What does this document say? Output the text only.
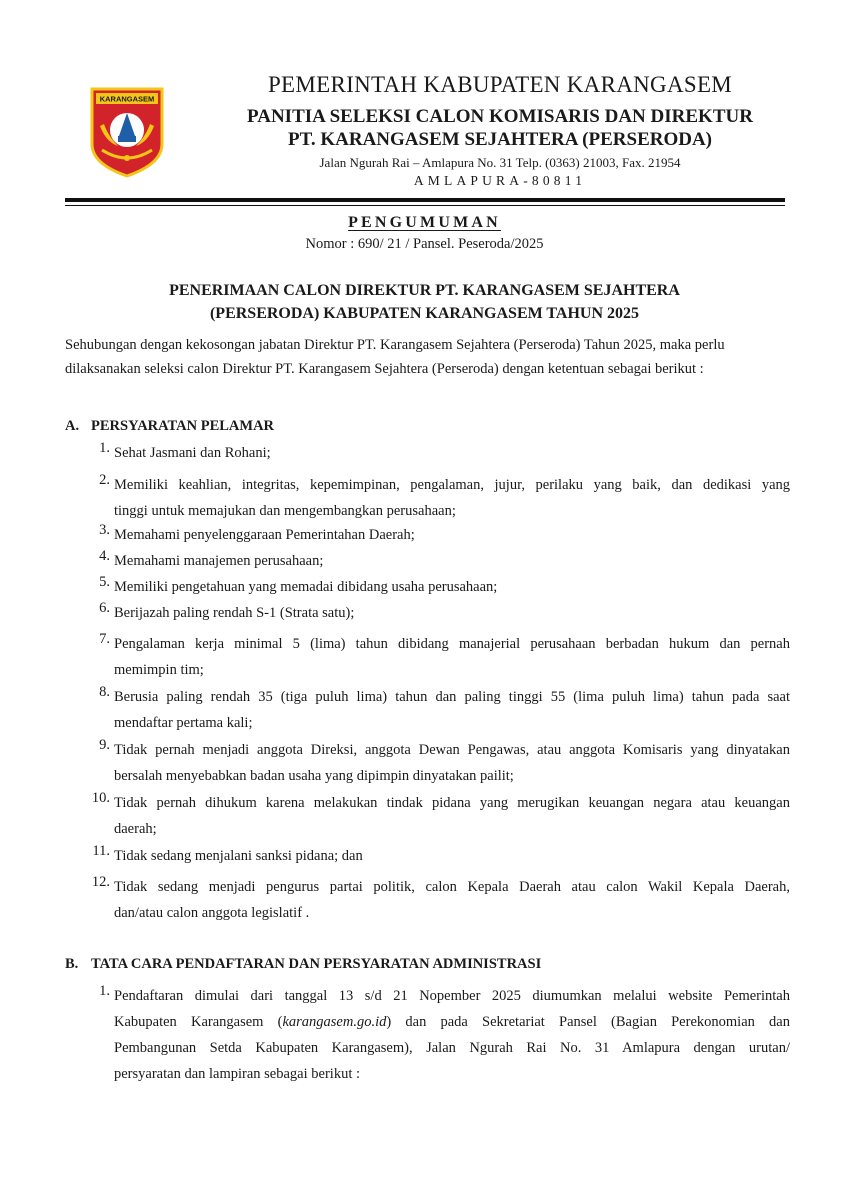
KARANGASEM
PEMERINTAH KABUPATEN KARANGASEM
PANITIA SELEKSI CALON KOMISARIS DAN DIREKTUR
PT. KARANGASEM SEJAHTERA (PERSERODA)
Jalan Ngurah Rai – Amlapura No. 31 Telp. (0363) 21003, Fax. 21954
AMLAPURA-80811
PENGUMUMAN
Nomor : 690/ 21 / Pansel. Peseroda/2025
PENERIMAAN CALON DIREKTUR PT. KARANGASEM SEJAHTERA
(PERSERODA) KABUPATEN KARANGASEM TAHUN 2025
Sehubungan dengan kekosongan jabatan Direktur PT. Karangasem Sejahtera (Perseroda) Tahun 2025, maka perlu
dilaksanakan seleksi calon Direktur PT. Karangasem Sejahtera (Perseroda) dengan ketentuan sebagai berikut :
A. PERSYARATAN PELAMAR
1. Sehat Jasmani dan Rohani;
2. Memiliki keahlian, integritas, kepemimpinan, pengalaman, jujur, perilaku yang baik, dan dedikasi yang
tinggi untuk memajukan dan mengembangkan perusahaan;
3. Memahami penyelenggaraan Pemerintahan Daerah;
4. Memahami manajemen perusahaan;
5. Memiliki pengetahuan yang memadai dibidang usaha perusahaan;
6. Berijazah paling rendah S-1 (Strata satu);
7. Pengalaman kerja minimal 5 (lima) tahun dibidang manajerial perusahaan berbadan hukum dan pernah
memimpin tim;
8. Berusia paling rendah 35 (tiga puluh lima) tahun dan paling tinggi 55 (lima puluh lima) tahun pada saat
mendaftar pertama kali;
9. Tidak pernah menjadi anggota Direksi, anggota Dewan Pengawas, atau anggota Komisaris yang dinyatakan
bersalah menyebabkan badan usaha yang dipimpin dinyatakan pailit;
10. Tidak pernah dihukum karena melakukan tindak pidana yang merugikan keuangan negara atau keuangan
daerah;
11. Tidak sedang menjalani sanksi pidana; dan
12. Tidak sedang menjadi pengurus partai politik, calon Kepala Daerah atau calon Wakil Kepala Daerah,
dan/atau calon anggota legislatif .
B. TATA CARA PENDAFTARAN DAN PERSYARATAN ADMINISTRASI
1. Pendaftaran dimulai dari tanggal 13 s/d 21 Nopember 2025 diumumkan melalui website Pemerintah
Kabupaten Karangasem (karangasem.go.id) dan pada Sekretariat Pansel (Bagian Perekonomian dan
Pembangunan Setda Kabupaten Karangasem), Jalan Ngurah Rai No. 31 Amlapura dengan urutan/
persyaratan dan lampiran sebagai berikut :
